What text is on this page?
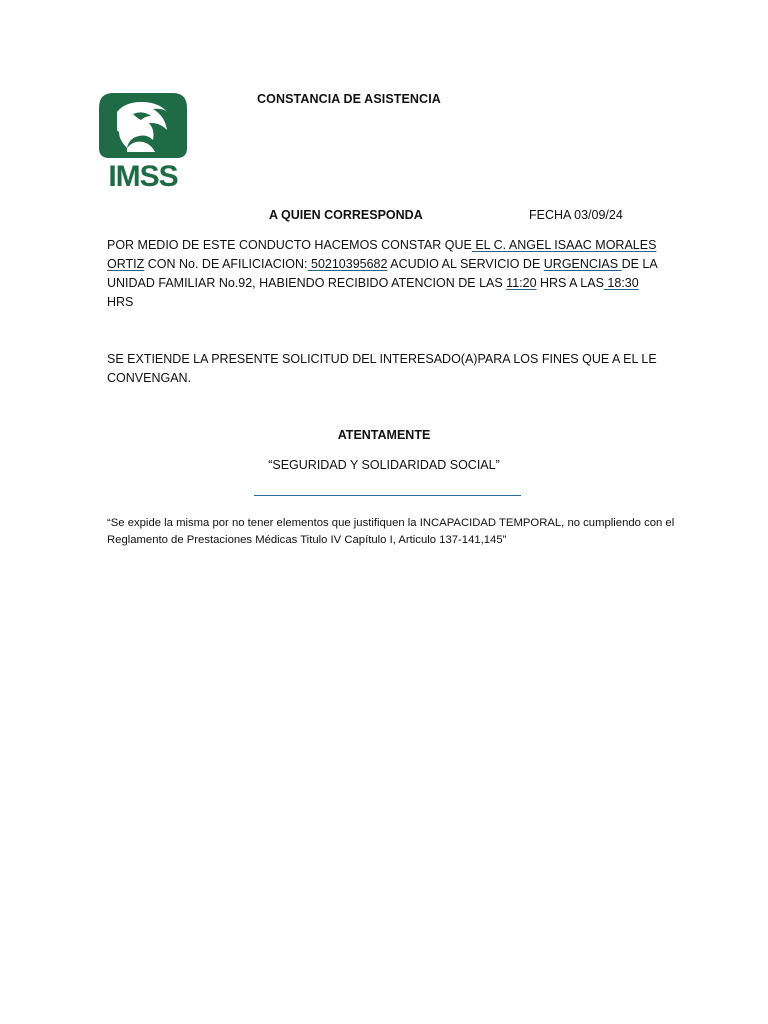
IMSS
CONSTANCIA DE ASISTENCIA
A QUIEN CORRESPONDA	FECHA 03/09/24
POR MEDIO DE ESTE CONDUCTO HACEMOS CONSTAR QUE EL C. ANGEL ISAAC MORALES ORTIZ CON No. DE AFILICIACION: 50210395682 ACUDIO AL SERVICIO DE URGENCIAS DE LA UNIDAD FAMILIAR No.92, HABIENDO RECIBIDO ATENCION DE LAS 11:20 HRS A LAS 18:30
HRS
SE EXTIENDE LA PRESENTE SOLICITUD DEL INTERESADO(A)PARA LOS FINES QUE A EL LE CONVENGAN.
ATENTAMENTE
“SEGURIDAD Y SOLIDARIDAD SOCIAL”
“Se expide la misma por no tener elementos que justifiquen la INCAPACIDAD TEMPORAL, no cumpliendo con el Reglamento de Prestaciones Médicas Titulo IV Capítulo I, Articulo 137-141,145”
